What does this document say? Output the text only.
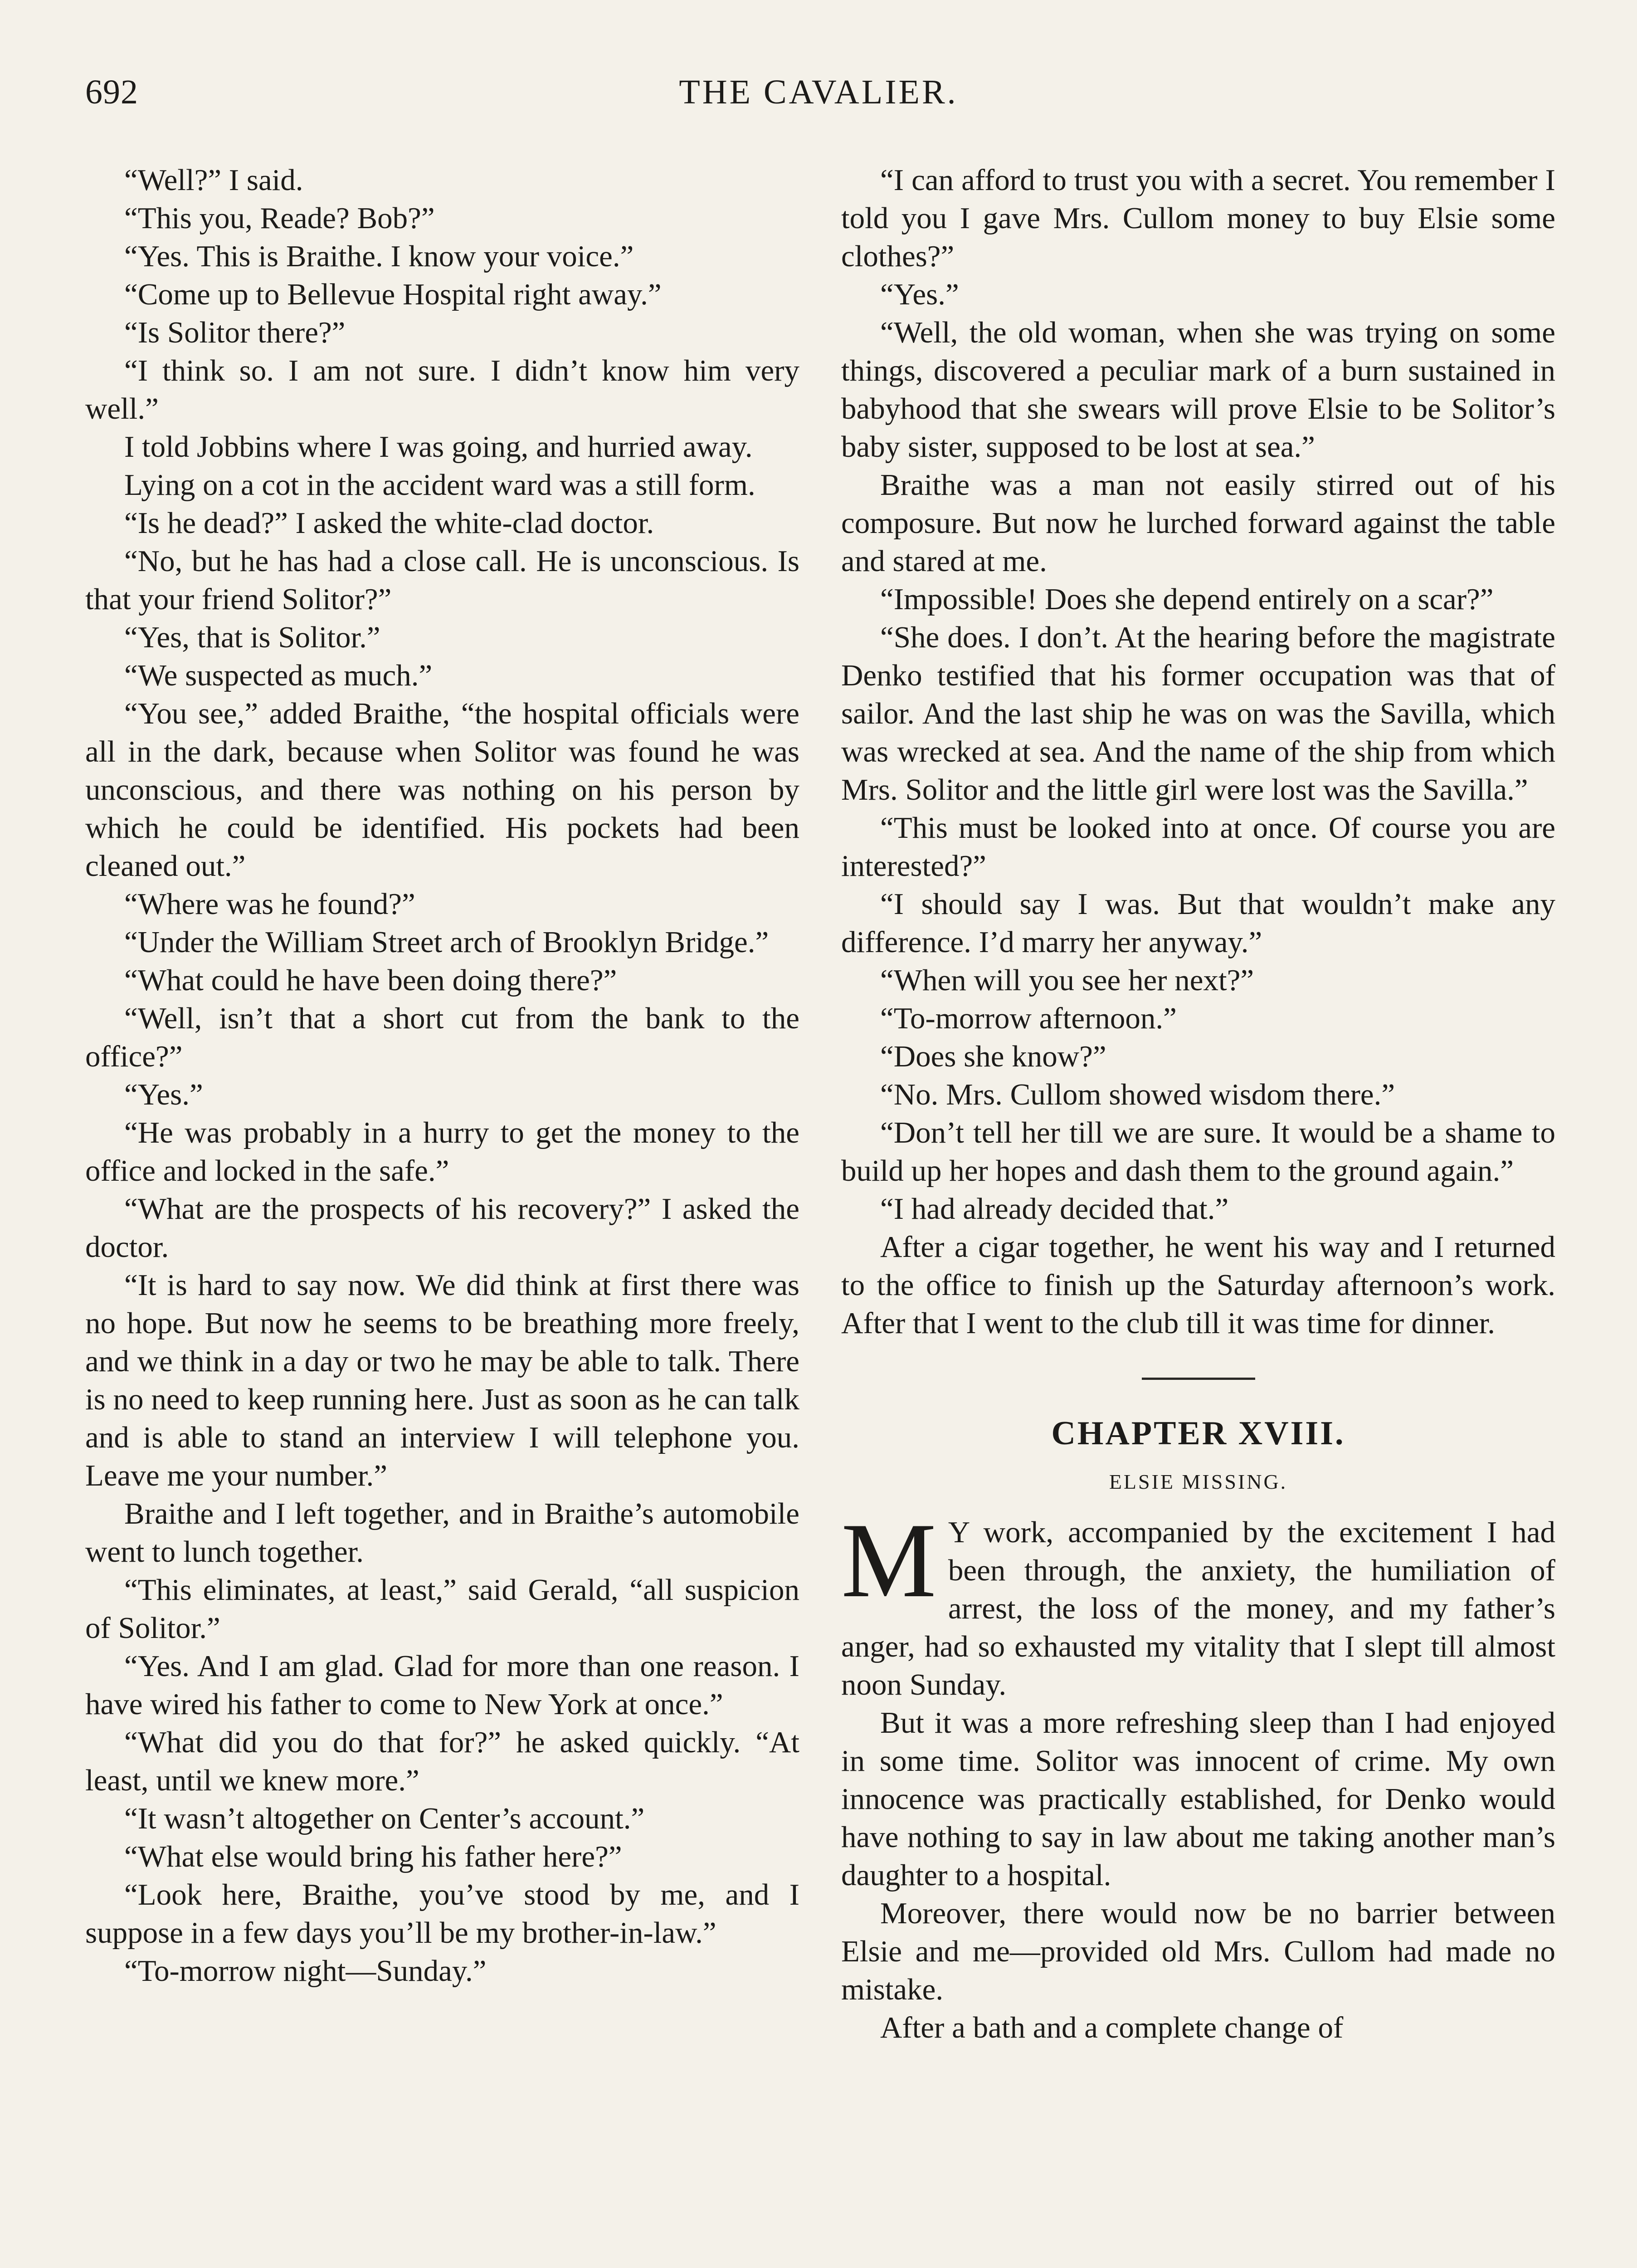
692	THE CAVALIER.

“Well?” I said.

“This you, Reade? Bob?”

“Yes. This is Braithe. I know your voice.”

“Come up to Bellevue Hospital right away.”

“Is Solitor there?”

“I think so. I am not sure. I didn’t know him very well.”

I told Jobbins where I was going, and hurried away.

Lying on a cot in the accident ward was a still form.

“Is he dead?” I asked the white-clad doctor.

“No, but he has had a close call. He is unconscious. Is that your friend Solitor?”

“Yes, that is Solitor.”

“We suspected as much.”

“You see,” added Braithe, “the hospital officials were all in the dark, because when Solitor was found he was unconscious, and there was nothing on his person by which he could be identified. His pockets had been cleaned out.”

“Where was he found?”

“Under the William Street arch of Brooklyn Bridge.”

“What could he have been doing there?”

“Well, isn’t that a short cut from the bank to the office?”

“Yes.”

“He was probably in a hurry to get the money to the office and locked in the safe.”

“What are the prospects of his recovery?” I asked the doctor.

“It is hard to say now. We did think at first there was no hope. But now he seems to be breathing more freely, and we think in a day or two he may be able to talk. There is no need to keep running here. Just as soon as he can talk and is able to stand an interview I will telephone you. Leave me your number.”

Braithe and I left together, and in Braithe’s automobile went to lunch together.

“This eliminates, at least,” said Gerald, “all suspicion of Solitor.”

“Yes. And I am glad. Glad for more than one reason. I have wired his father to come to New York at once.”

“What did you do that for?” he asked quickly. “At least, until we knew more.”

“It wasn’t altogether on Center’s account.”

“What else would bring his father here?”

“Look here, Braithe, you’ve stood by me, and I suppose in a few days you’ll be my brother-in-law.”

“To-morrow night—Sunday.”

“I can afford to trust you with a secret. You remember I told you I gave Mrs. Cullom money to buy Elsie some clothes?”

“Yes.”

“Well, the old woman, when she was trying on some things, discovered a peculiar mark of a burn sustained in babyhood that she swears will prove Elsie to be Solitor’s baby sister, supposed to be lost at sea.”

Braithe was a man not easily stirred out of his composure. But now he lurched forward against the table and stared at me.

“Impossible! Does she depend entirely on a scar?”

“She does. I don’t. At the hearing before the magistrate Denko testified that his former occupation was that of sailor. And the last ship he was on was the Savilla, which was wrecked at sea. And the name of the ship from which Mrs. Solitor and the little girl were lost was the Savilla.”

“This must be looked into at once. Of course you are interested?”

“I should say I was. But that wouldn’t make any difference. I’d marry her anyway.”

“When will you see her next?”

“To-morrow afternoon.”

“Does she know?”

“No. Mrs. Cullom showed wisdom there.”

“Don’t tell her till we are sure. It would be a shame to build up her hopes and dash them to the ground again.”

“I had already decided that.”

After a cigar together, he went his way and I returned to the office to finish up the Saturday afternoon’s work. After that I went to the club till it was time for dinner.

CHAPTER XVIII.
ELSIE MISSING.

M Y work, accompanied by the excitement I had been through, the anxiety, the humiliation of arrest, the loss of the money, and my father’s anger, had so exhausted my vitality that I slept till almost noon Sunday.

But it was a more refreshing sleep than I had enjoyed in some time. Solitor was innocent of crime. My own innocence was practically established, for Denko would have nothing to say in law about me taking another man’s daughter to a hospital.

Moreover, there would now be no barrier between Elsie and me—provided old Mrs. Cullom had made no mistake.

After a bath and a complete change of
